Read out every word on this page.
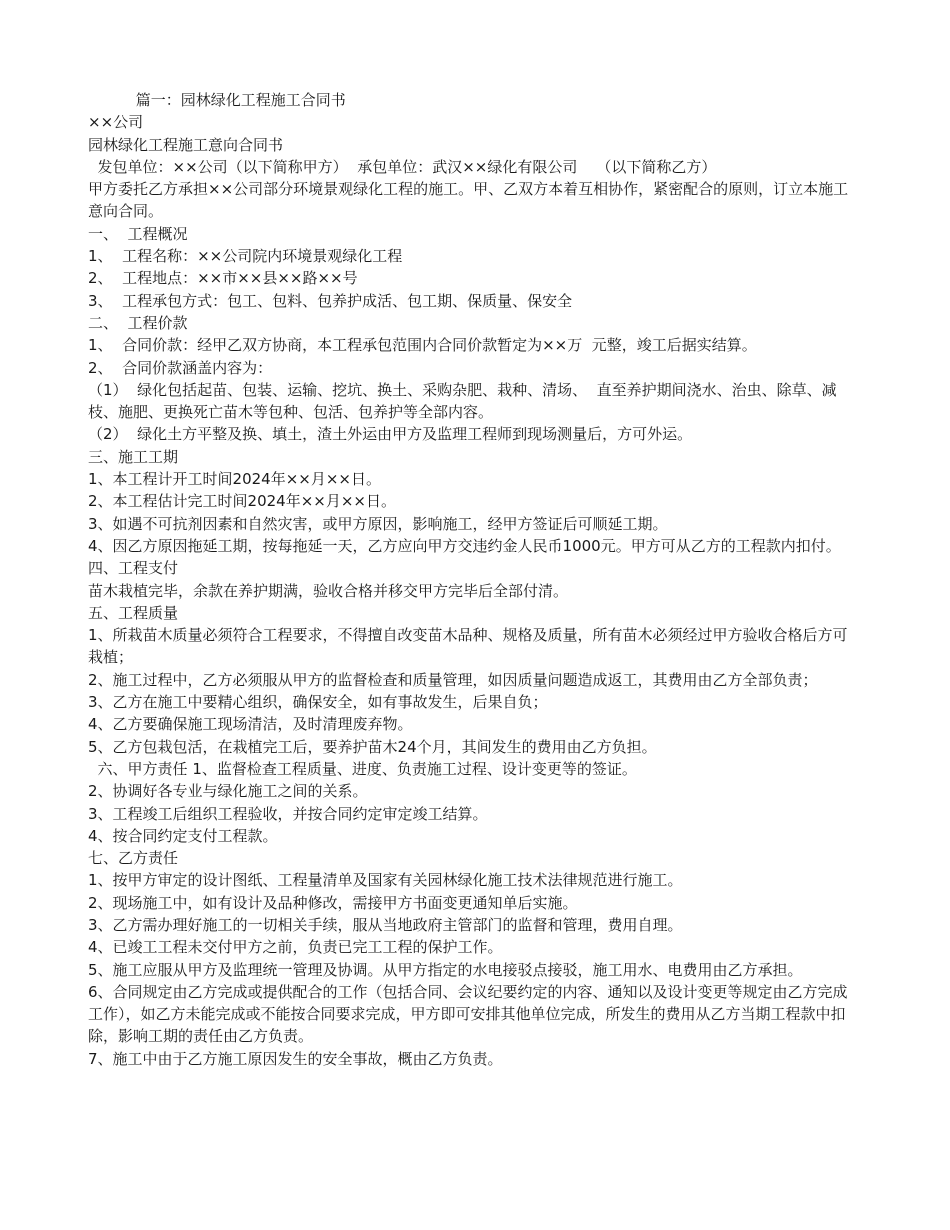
篇一：园林绿化工程施工合同书

××公司

园林绿化工程施工意向合同书

发包单位：××公司（以下简称甲方）  承包单位：武汉××绿化有限公司    （以下简称乙方）

甲方委托乙方承担××公司部分环境景观绿化工程的施工。甲、乙双方本着互相协作，紧密配合的原则，订立本施工意向合同。

一、  工程概况

1、  工程名称：××公司院内环境景观绿化工程

2、  工程地点：××市××县××路××号

3、  工程承包方式：包工、包料、包养护成活、包工期、保质量、保安全

二、  工程价款

1、  合同价款：经甲乙双方协商，本工程承包范围内合同价款暂定为××万  元整，竣工后据实结算。

2、  合同价款涵盖内容为：

（1）  绿化包括起苗、包装、运输、挖坑、换土、采购杂肥、栽种、清场、  直至养护期间浇水、治虫、除草、减枝、施肥、更换死亡苗木等包种、包活、包养护等全部内容。

（2）  绿化土方平整及换、填土，渣土外运由甲方及监理工程师到现场测量后，方可外运。

三、施工工期

1、本工程计开工时间2024年××月××日。

2、本工程估计完工时间2024年××月××日。

3、如遇不可抗剂因素和自然灾害，或甲方原因，影响施工，经甲方签证后可顺延工期。

4、因乙方原因拖延工期，按每拖延一天，乙方应向甲方交违约金人民币1000元。甲方可从乙方的工程款内扣付。

四、工程支付

苗木栽植完毕，余款在养护期满，验收合格并移交甲方完毕后全部付清。

五、工程质量

1、所栽苗木质量必须符合工程要求，不得擅自改变苗木品种、规格及质量，所有苗木必须经过甲方验收合格后方可栽植；

2、施工过程中，乙方必须服从甲方的监督检查和质量管理，如因质量问题造成返工，其费用由乙方全部负责；

3、乙方在施工中要精心组织，确保安全，如有事故发生，后果自负；

4、乙方要确保施工现场清洁，及时清理废弃物。

5、乙方包栽包活，在栽植完工后，要养护苗木24个月，其间发生的费用由乙方负担。

六、甲方责任 1、监督检查工程质量、进度、负责施工过程、设计变更等的签证。

2、协调好各专业与绿化施工之间的关系。

3、工程竣工后组织工程验收，并按合同约定审定竣工结算。

4、按合同约定支付工程款。

七、乙方责任

1、按甲方审定的设计图纸、工程量清单及国家有关园林绿化施工技术法律规范进行施工。

2、现场施工中，如有设计及品种修改，需接甲方书面变更通知单后实施。

3、乙方需办理好施工的一切相关手续，服从当地政府主管部门的监督和管理，费用自理。

4、已竣工工程未交付甲方之前，负责已完工工程的保护工作。

5、施工应服从甲方及监理统一管理及协调。从甲方指定的水电接驳点接驳，施工用水、电费用由乙方承担。

6、合同规定由乙方完成或提供配合的工作（包括合同、会议纪要约定的内容、通知以及设计变更等规定由乙方完成工作），如乙方未能完成或不能按合同要求完成，甲方即可安排其他单位完成，所发生的费用从乙方当期工程款中扣除，影响工期的责任由乙方负责。

7、施工中由于乙方施工原因发生的安全事故，概由乙方负责。
